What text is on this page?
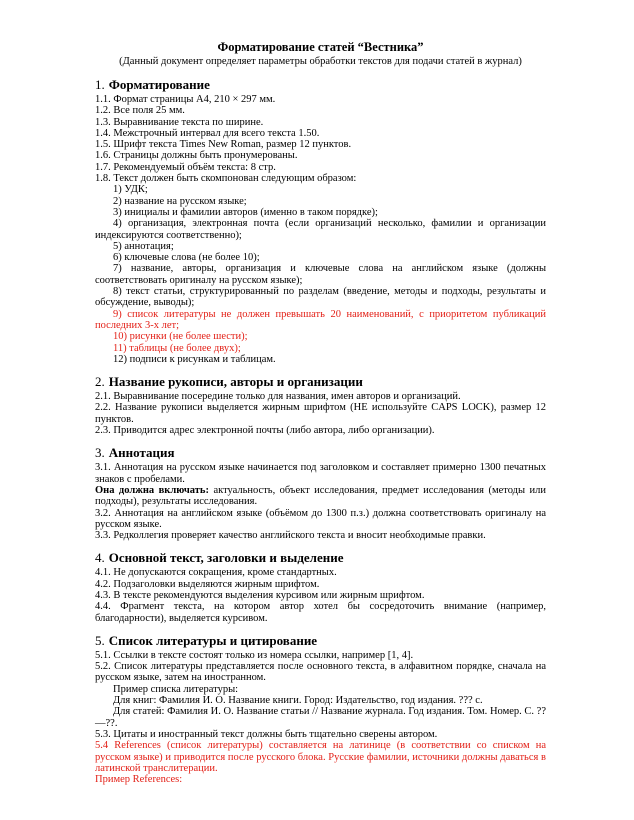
Форматирование статей “Вестника”
(Данный документ определяет параметры обработки текстов для подачи статей в журнал)
1. Форматирование

1.1. Формат страницы А4, 210 × 297 мм.

1.2. Все поля 25 мм.

1.3. Выравнивание текста по ширине.

1.4. Межстрочный интервал для всего текста 1.50.

1.5. Шрифт текста Times New Roman, размер 12 пунктов.

1.6. Страницы должны быть пронумерованы.

1.7. Рекомендуемый объём текста: 8 стр.

1.8. Текст должен быть скомпонован следующим образом:

1) УДК;

2) название на русском языке;

3) инициалы и фамилии авторов (именно в таком порядке);

4) организация, электронная почта (если организаций несколько, фамилии и организации индексируются соответственно);

5) аннотация;

6) ключевые слова (не более 10);

7) название, авторы, организация и ключевые слова на английском языке (должны соответствовать оригиналу на русском языке);

8) текст статьи, структурированный по разделам (введение, методы и подходы, результаты и обсуждение, выводы);

9) список литературы не должен превышать 20 наименований, с приоритетом публикаций последних 3-х лет;

10) рисунки (не более шести);

11) таблицы (не более двух);

12) подписи к рисункам и таблицам.

2. Название рукописи, авторы и организации

2.1. Выравнивание посередине только для названия, имен авторов и организаций.

2.2. Название рукописи выделяется жирным шрифтом (НЕ используйте CAPS LOCK), размер 12 пунктов.

2.3. Приводится адрес электронной почты (либо автора, либо организации).

3. Аннотация

3.1. Аннотация на русском языке начинается под заголовком и составляет примерно 1300 печатных знаков с пробелами.

Она должна включать: актуальность, объект исследования, предмет исследования (методы или подходы), результаты исследования.

3.2. Аннотация на английском языке (объёмом до 1300 п.з.) должна соответствовать оригиналу на русском языке.

3.3. Редколлегия проверяет качество английского текста и вносит необходимые правки.

4. Основной текст, заголовки и выделение

4.1. Не допускаются сокращения, кроме стандартных.

4.2. Подзаголовки выделяются жирным шрифтом.

4.3. В тексте рекомендуются выделения курсивом или жирным шрифтом.

4.4. Фрагмент текста, на котором автор хотел бы сосредоточить внимание (например, благодарности), выделяется курсивом.

5. Список литературы и цитирование

5.1. Ссылки в тексте состоят только из номера ссылки, например [1, 4].

5.2. Список литературы представляется после основного текста, в алфавитном порядке, сначала на русском языке, затем на иностранном.

Пример списка литературы:

Для книг: Фамилия И. О. Название книги. Город: Издательство, год издания. ??? с.

Для статей: Фамилия И. О. Название статьи // Название журнала. Год издания. Том. Номер. С. ??—??.

5.3. Цитаты и иностранный текст должны быть тщательно сверены автором.

5.4 References (список литературы) составляется на латинице (в соответствии со списком на русском языке) и приводится после русского блока. Русские фамилии, источники должны даваться в латинской транслитерации.

Пример References:
